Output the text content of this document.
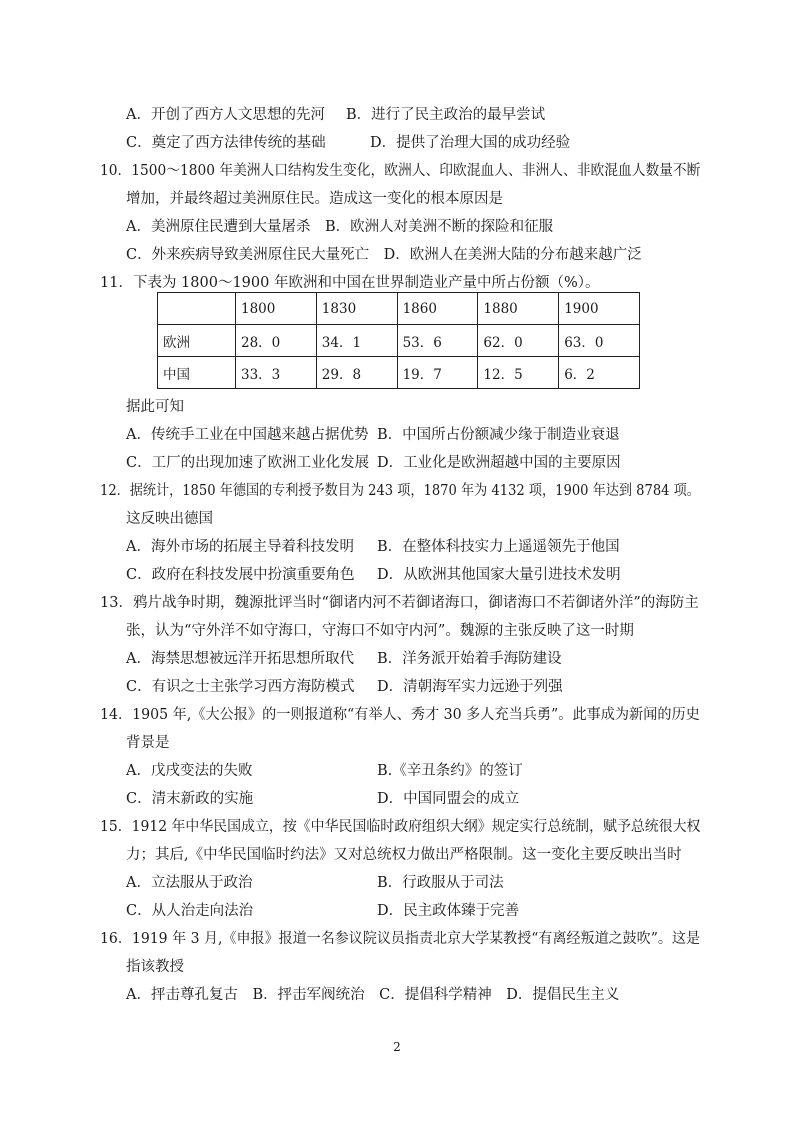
A．开创了西方人文思想的先河 B．进行了民主政治的最早尝试
C．奠定了西方法律传统的基础	D．提供了治理大国的成功经验
10．1500～1800 年美洲人口结构发生变化，欧洲人、印欧混血人、非洲人、非欧混血人数量不断
增加，并最终超过美洲原住民。造成这一变化的根本原因是
A．美洲原住民遭到大量屠杀　B．欧洲人对美洲不断的探险和征服
C．外来疾病导致美洲原住民大量死亡　D．欧洲人在美洲大陆的分布越来越广泛
11．下表为 1800～1900 年欧洲和中国在世界制造业产量中所占份额（%）。
	1800	1830	1860	1880	1900
欧洲	28．0	34．1	53．6	62．0	63．0
中国	33．3	29．8	19．7	12．5	6．2
据此可知
A．传统手工业在中国越来越占据优势 B．中国所占份额减少缘于制造业衰退
C．工厂的出现加速了欧洲工业化发展 D．工业化是欧洲超越中国的主要原因
12．据统计，1850 年德国的专利授予数目为 243 项，1870 年为 4132 项，1900 年达到 8784 项。
这反映出德国
A．海外市场的拓展主导着科技发明 B．在整体科技实力上遥遥领先于他国
C．政府在科技发展中扮演重要角色 D．从欧洲其他国家大量引进技术发明
13．鸦片战争时期，魏源批评当时“御诸内河不若御诸海口，御诸海口不若御诸外洋”的海防主
张，认为“守外洋不如守海口，守海口不如守内河”。魏源的主张反映了这一时期
A．海禁思想被远洋开拓思想所取代 B．洋务派开始着手海防建设
C．有识之士主张学习西方海防模式 D．清朝海军实力远逊于列强
14．1905 年,《大公报》的一则报道称“有举人、秀才 30 多人充当兵勇”。此事成为新闻的历史
背景是
A．戊戌变法的失败	B.《辛丑条约》的签订
C．清末新政的实施	D．中国同盟会的成立
15．1912 年中华民国成立，按《中华民国临时政府组织大纲》规定实行总统制，赋予总统很大权
力；其后,《中华民国临时约法》又对总统权力做出严格限制。这一变化主要反映出当时
A．立法服从于政治	B．行政服从于司法
C．从人治走向法治	D．民主政体臻于完善
16．1919 年 3 月,《申报》报道一名参议院议员指责北京大学某教授“有离经叛道之鼓吹”。这是
指该教授
A．抨击尊孔复古　B．抨击军阀统治　C．提倡科学精神　D．提倡民生主义
2
